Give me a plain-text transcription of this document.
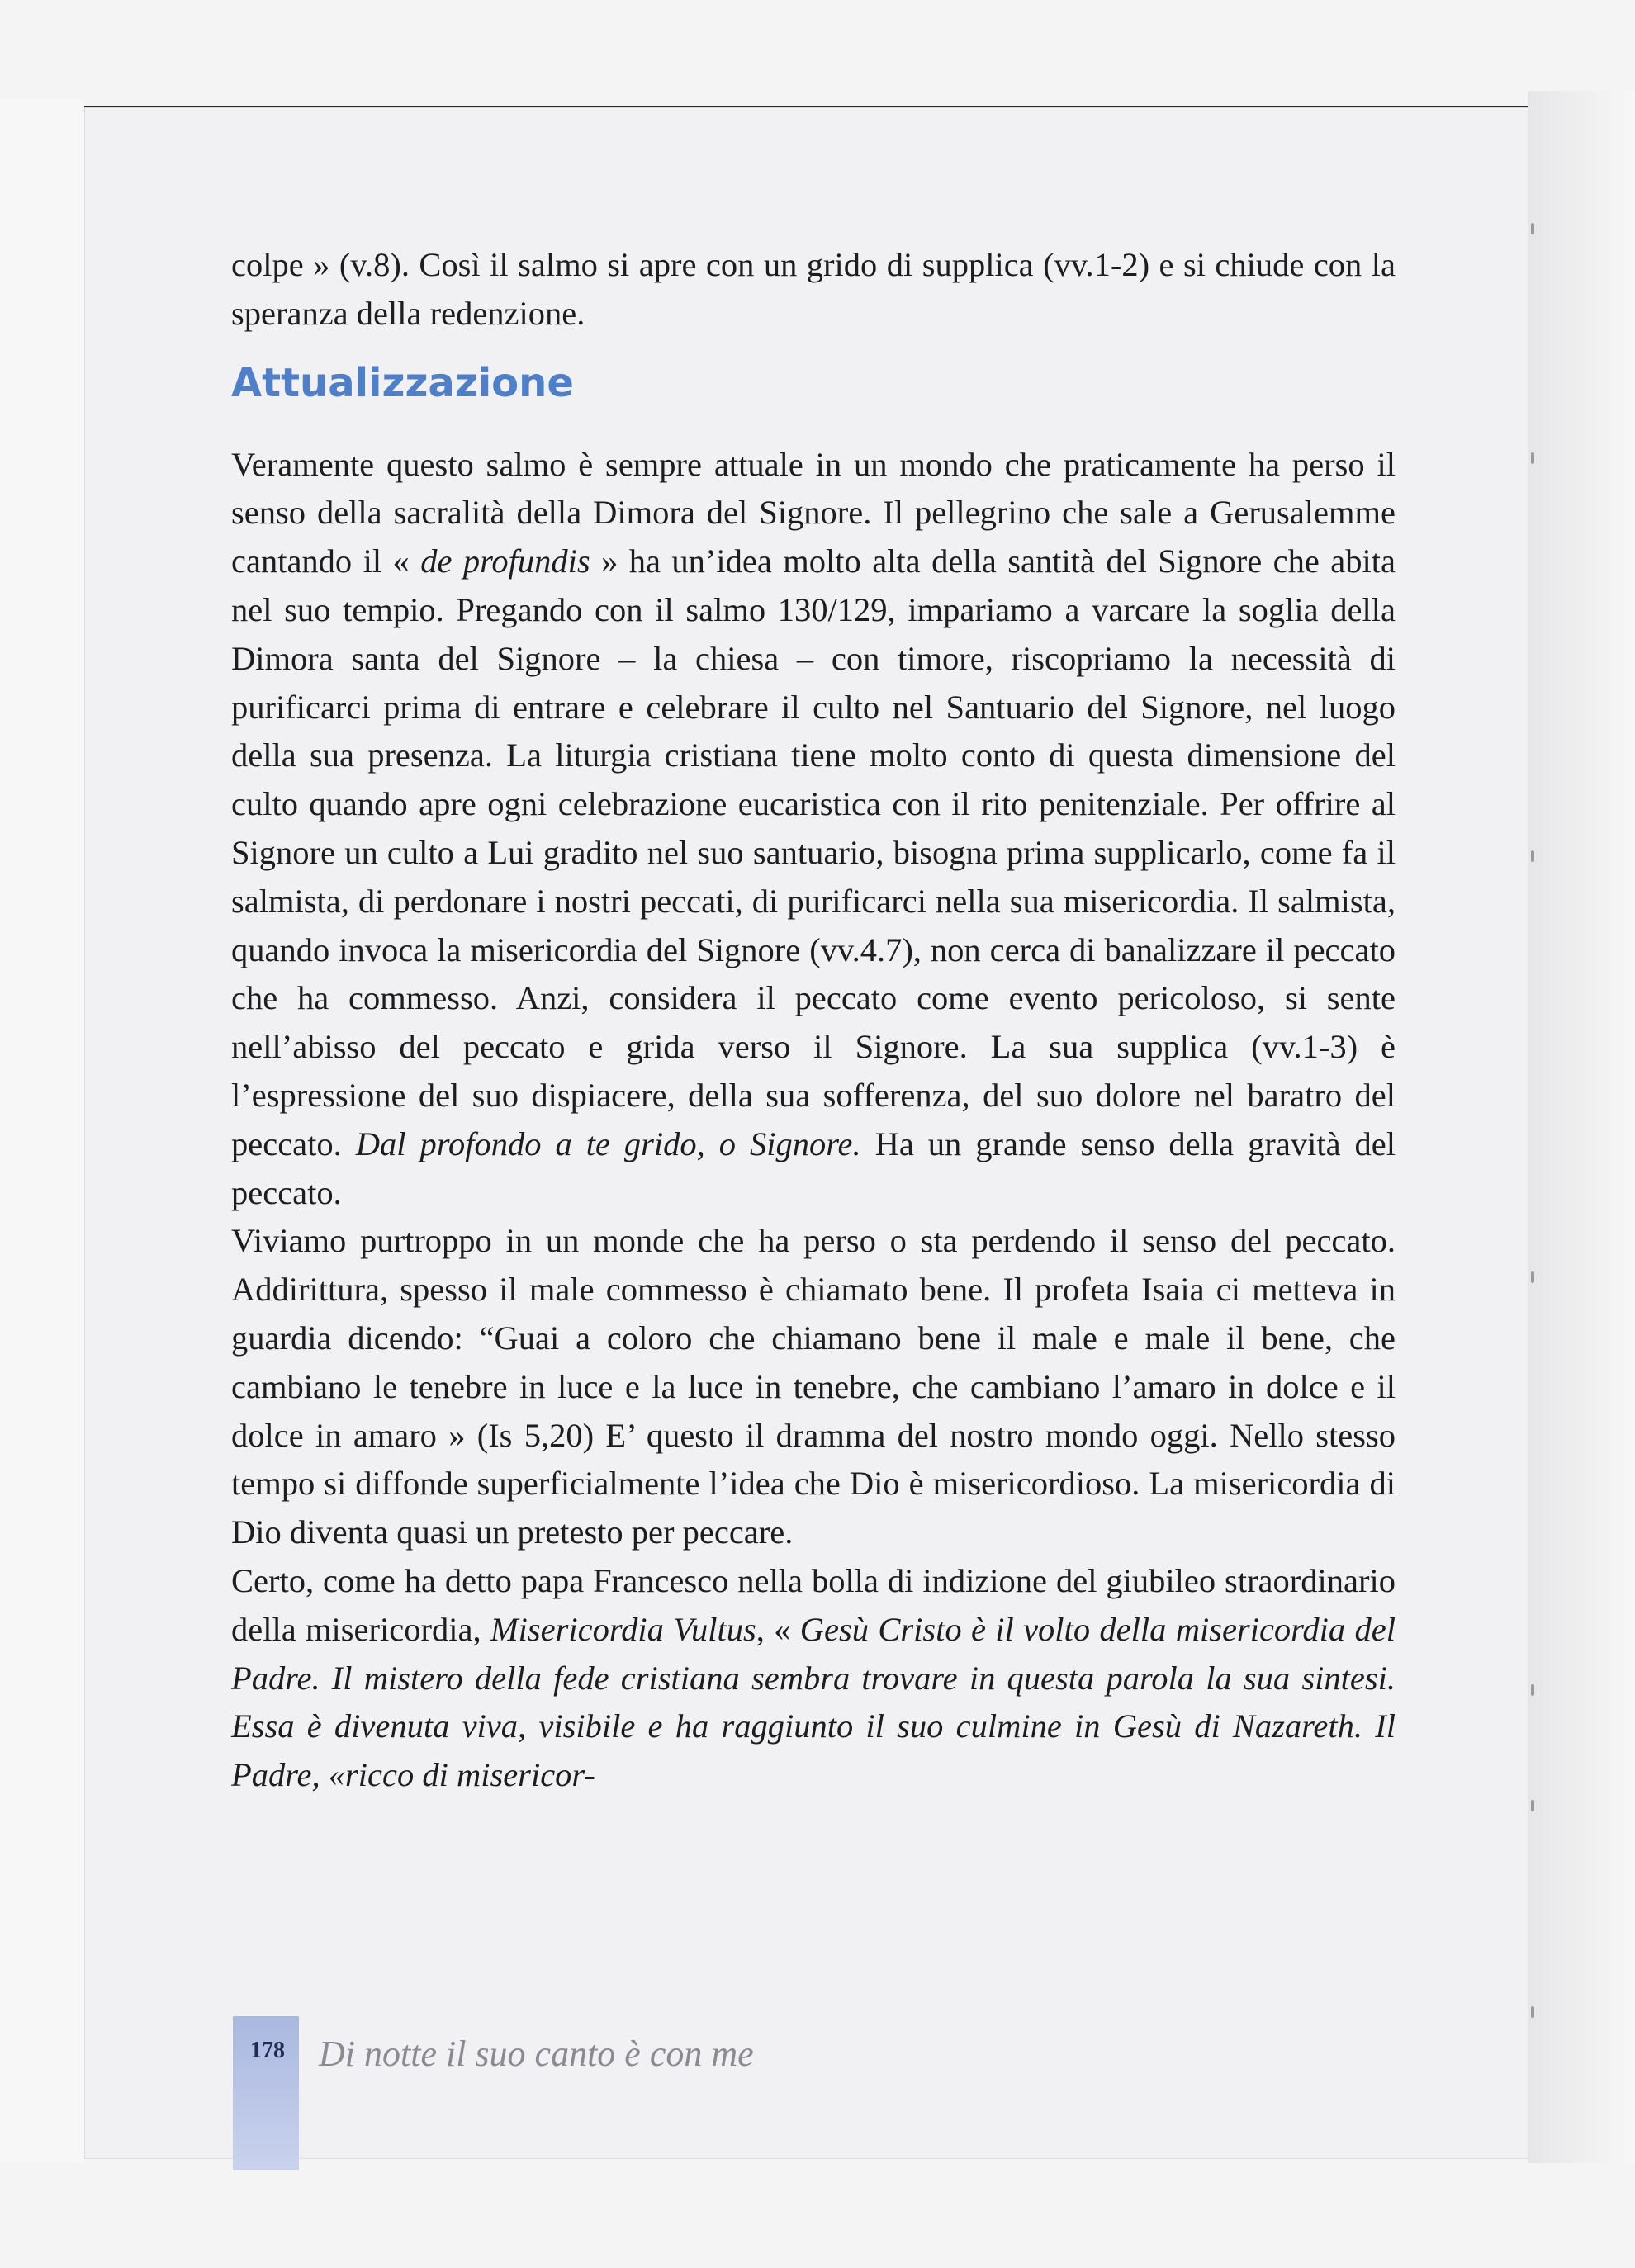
colpe » (v.8). Così il salmo si apre con un grido di supplica (vv.1-2) e si chiude con la speranza della redenzione.

Attualizzazione

Veramente questo salmo è sempre attuale in un mondo che praticamente ha perso il senso della sacralità della Dimora del Signore. Il pellegrino che sale a Gerusalemme cantando il « de profundis » ha un’idea molto alta della santità del Signore che abita nel suo tempio. Pregando con il salmo 130/129, impariamo a varcare la soglia della Dimora santa del Signore – la chiesa – con timore, riscopriamo la necessità di purificarci prima di entrare e celebrare il culto nel Santuario del Signore, nel luogo della sua presenza. La liturgia cristiana tiene molto conto di questa dimensione del culto quando apre ogni celebrazione eucaristica con il rito penitenziale. Per offrire al Signore un culto a Lui gradito nel suo santuario, bisogna prima supplicarlo, come fa il salmista, di perdonare i nostri peccati, di purificarci nella sua misericordia. Il salmista, quando invoca la misericordia del Signore (vv.4.7), non cerca di banalizzare il peccato che ha commesso. Anzi, considera il peccato come evento pericoloso, si sente nell’abisso del peccato e grida verso il Signore. La sua supplica (vv.1-3) è l’espressione del suo dispiacere, della sua sofferenza, del suo dolore nel baratro del peccato. Dal profondo a te grido, o Signore. Ha un grande senso della gravità del peccato.

Viviamo purtroppo in un monde che ha perso o sta perdendo il senso del peccato. Addirittura, spesso il male commesso è chiamato bene. Il profeta Isaia ci metteva in guardia dicendo: “Guai a coloro che chiamano bene il male e male il bene, che cambiano le tenebre in luce e la luce in tenebre, che cambiano l’amaro in dolce e il dolce in amaro » (Is 5,20) E’ questo il dramma del nostro mondo oggi. Nello stesso tempo si diffonde superficialmente l’idea che Dio è misericordioso. La misericordia di Dio diventa quasi un pretesto per peccare.

Certo, come ha detto papa Francesco nella bolla di indizione del giubileo straordinario della misericordia, Misericordia Vultus, « Gesù Cristo è il volto della misericordia del Padre. Il mistero della fede cristiana sembra trovare in questa parola la sua sintesi. Essa è divenuta viva, visibile e ha raggiunto il suo culmine in Gesù di Nazareth. Il Padre, «ricco di misericor-

178 Di notte il suo canto è con me
